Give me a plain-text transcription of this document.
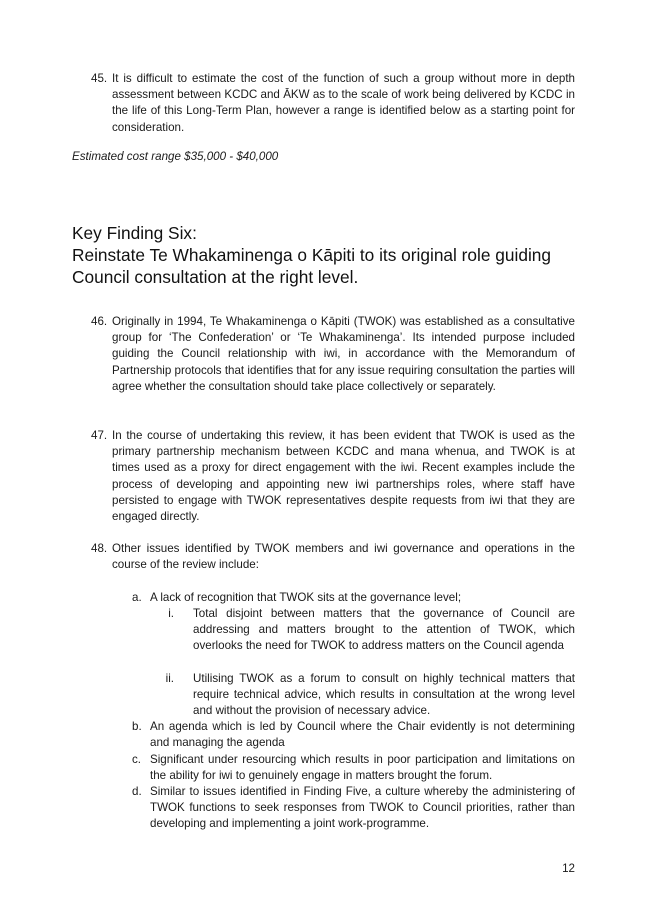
45. It is difficult to estimate the cost of the function of such a group without more in depth assessment between KCDC and ĀKW as to the scale of work being delivered by KCDC in the life of this Long-Term Plan, however a range is identified below as a starting point for consideration.
Estimated cost range $35,000 - $40,000
Key Finding Six:
Reinstate Te Whakaminenga o Kāpiti to its original role guiding
Council consultation at the right level.
46. Originally in 1994, Te Whakaminenga o Kāpiti (TWOK) was established as a consultative group for ‘The Confederation’ or ‘Te Whakaminenga’. Its intended purpose included guiding the Council relationship with iwi, in accordance with the Memorandum of Partnership protocols that identifies that for any issue requiring consultation the parties will agree whether the consultation should take place collectively or separately.
47. In the course of undertaking this review, it has been evident that TWOK is used as the primary partnership mechanism between KCDC and mana whenua, and TWOK is at times used as a proxy for direct engagement with the iwi. Recent examples include the process of developing and appointing new iwi partnerships roles, where staff have persisted to engage with TWOK representatives despite requests from iwi that they are engaged directly.
48. Other issues identified by TWOK members and iwi governance and operations in the course of the review include:
a. A lack of recognition that TWOK sits at the governance level;
i. Total disjoint between matters that the governance of Council are addressing and matters brought to the attention of TWOK, which overlooks the need for TWOK to address matters on the Council agenda
ii. Utilising TWOK as a forum to consult on highly technical matters that require technical advice, which results in consultation at the wrong level and without the provision of necessary advice.
b. An agenda which is led by Council where the Chair evidently is not determining and managing the agenda
c. Significant under resourcing which results in poor participation and limitations on the ability for iwi to genuinely engage in matters brought the forum.
d. Similar to issues identified in Finding Five, a culture whereby the administering of TWOK functions to seek responses from TWOK to Council priorities, rather than developing and implementing a joint work-programme.
12
